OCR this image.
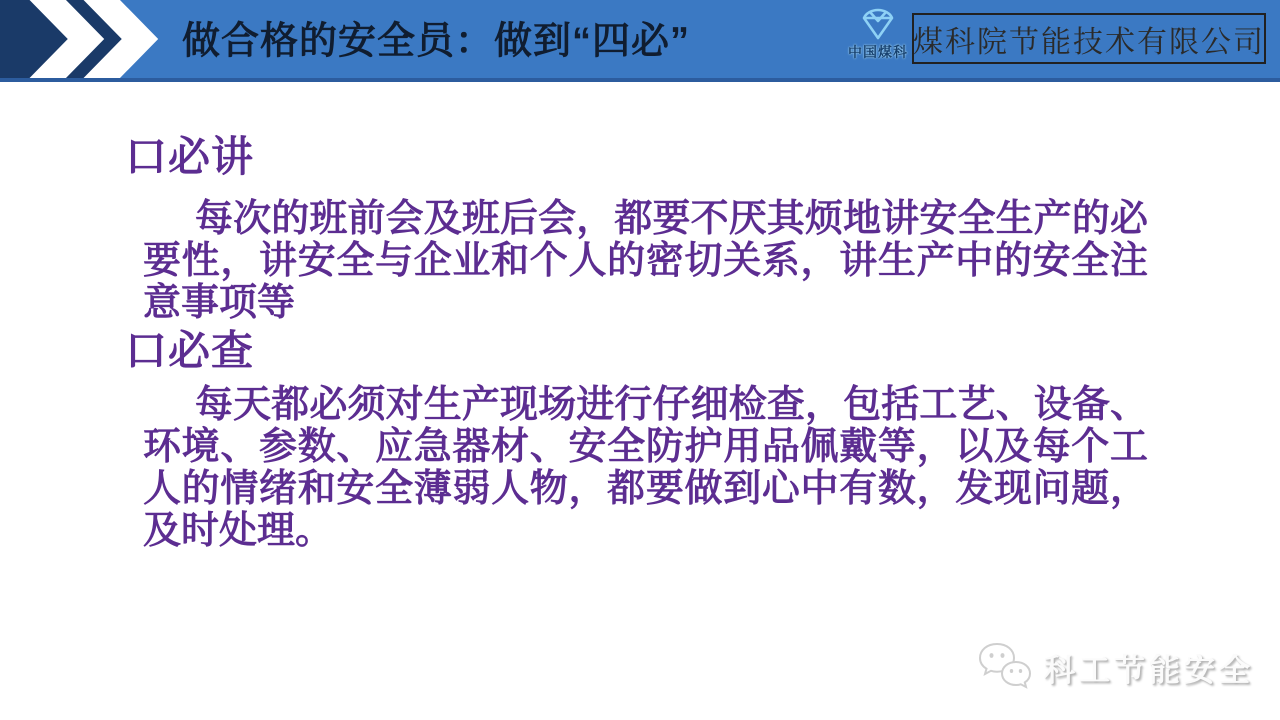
做合格的安全员：做到“四必”	中国煤科 煤科院节能技术有限公司
口必讲
每次的班前会及班后会，都要不厌其烦地讲安全生产的必要性，讲安全与企业和个人的密切关系，讲生产中的安全注意事项等
口必查
每天都必须对生产现场进行仔细检查，包括工艺、设备、环境、参数、应急器材、安全防护用品佩戴等，以及每个工人的情绪和安全薄弱人物，都要做到心中有数，发现问题，及时处理。
科工节能安全
